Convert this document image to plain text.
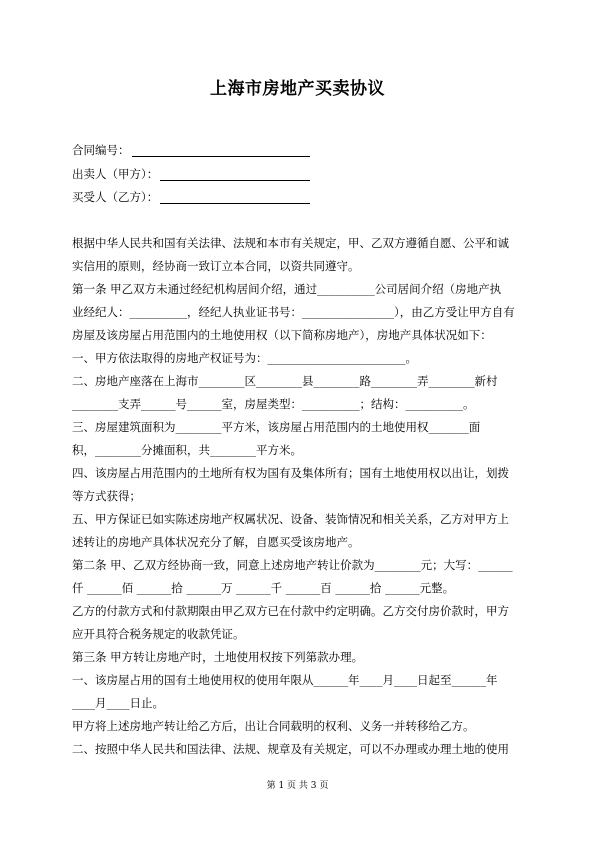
上海市房地产买卖协议
合同编号：
出卖人（甲方）：
买受人（乙方）：
根据中华人民共和国有关法律、法规和本市有关规定，甲、乙双方遵循自愿、公平和诚
实信用的原则，经协商一致订立本合同，以资共同遵守。
第一条 甲乙双方未通过经纪机构居间介绍，通过__________公司居间介绍（房地产执
业经纪人：__________，经纪人执业证书号：________________），由乙方受让甲方自有
房屋及该房屋占用范围内的土地使用权（以下简称房地产），房地产具体状况如下：
一、甲方依法取得的房地产权证号为：________________________。
二、房地产座落在上海市________区________县________路________弄________新村
________支弄______号______室，房屋类型：__________；结构：__________。
三、房屋建筑面积为________平方米，该房屋占用范围内的土地使用权_______面
积，________分摊面积，共________平方米。
四、该房屋占用范围内的土地所有权为国有及集体所有；国有土地使用权以出让，划拨
等方式获得；
五、甲方保证已如实陈述房地产权属状况、设备、装饰情况和相关关系，乙方对甲方上
述转让的房地产具体状况充分了解，自愿买受该房地产。
第二条 甲、乙双方经协商一致，同意上述房地产转让价款为________元；大写：______
仟 ______佰 ______拾 ______万 ______千 ______百 ______拾 ______元整。
乙方的付款方式和付款期限由甲乙双方已在付款中约定明确。乙方交付房价款时，甲方
应开具符合税务规定的收款凭证。
第三条 甲方转让房地产时，土地使用权按下列第款办理。
一、该房屋占用的国有土地使用权的使用年限从______年____月____日起至______年
____月____日止。
甲方将上述房地产转让给乙方后，出让合同载明的权利、义务一并转移给乙方。
二、按照中华人民共和国法律、法规、规章及有关规定，可以不办理或办理土地的使用
第 1 页 共 3 页
